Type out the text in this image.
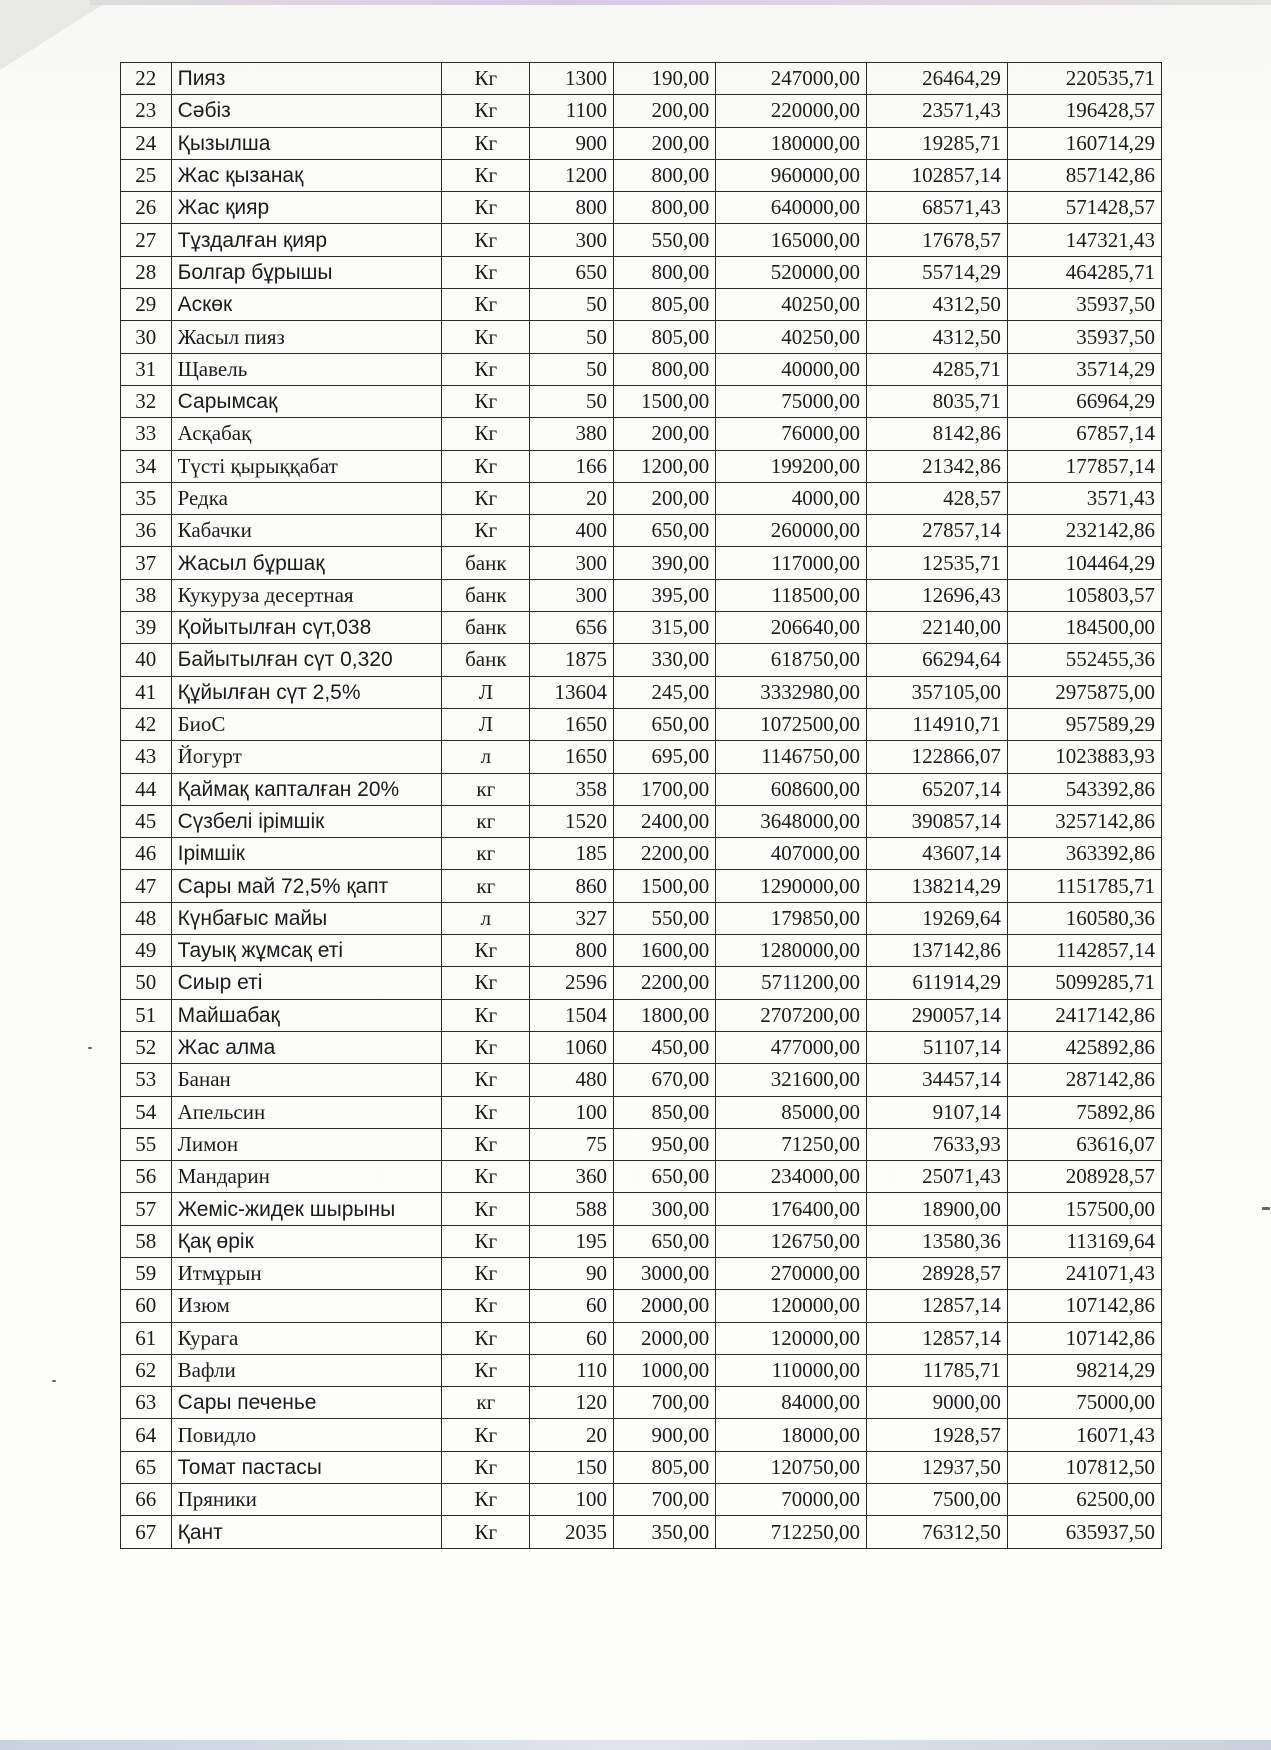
22	Пияз	Кг	1300	190,00	247000,00	26464,29	220535,71
23	Сәбіз	Кг	1100	200,00	220000,00	23571,43	196428,57
24	Қызылша	Кг	900	200,00	180000,00	19285,71	160714,29
25	Жас қызанақ	Кг	1200	800,00	960000,00	102857,14	857142,86
26	Жас қияр	Кг	800	800,00	640000,00	68571,43	571428,57
27	Тұздалған қияр	Кг	300	550,00	165000,00	17678,57	147321,43
28	Болгар бұрышы	Кг	650	800,00	520000,00	55714,29	464285,71
29	Аскөк	Кг	50	805,00	40250,00	4312,50	35937,50
30	Жасыл пияз	Кг	50	805,00	40250,00	4312,50	35937,50
31	Щавель	Кг	50	800,00	40000,00	4285,71	35714,29
32	Сарымсақ	Кг	50	1500,00	75000,00	8035,71	66964,29
33	Асқабақ	Кг	380	200,00	76000,00	8142,86	67857,14
34	Түсті қырыққабат	Кг	166	1200,00	199200,00	21342,86	177857,14
35	Редка	Кг	20	200,00	4000,00	428,57	3571,43
36	Кабачки	Кг	400	650,00	260000,00	27857,14	232142,86
37	Жасыл бұршақ	банк	300	390,00	117000,00	12535,71	104464,29
38	Кукуруза десертная	банк	300	395,00	118500,00	12696,43	105803,57
39	Қойытылған сүт,038	банк	656	315,00	206640,00	22140,00	184500,00
40	Байытылған сүт 0,320	банк	1875	330,00	618750,00	66294,64	552455,36
41	Құйылған сүт 2,5%	Л	13604	245,00	3332980,00	357105,00	2975875,00
42	БиоС	Л	1650	650,00	1072500,00	114910,71	957589,29
43	Йогурт	л	1650	695,00	1146750,00	122866,07	1023883,93
44	Қаймақ капталған 20%	кг	358	1700,00	608600,00	65207,14	543392,86
45	Сүзбелі ірімшік	кг	1520	2400,00	3648000,00	390857,14	3257142,86
46	Ірімшік	кг	185	2200,00	407000,00	43607,14	363392,86
47	Сары май 72,5% қапт	кг	860	1500,00	1290000,00	138214,29	1151785,71
48	Күнбағыс майы	л	327	550,00	179850,00	19269,64	160580,36
49	Тауық жұмсақ еті	Кг	800	1600,00	1280000,00	137142,86	1142857,14
50	Сиыр еті	Кг	2596	2200,00	5711200,00	611914,29	5099285,71
51	Майшабақ	Кг	1504	1800,00	2707200,00	290057,14	2417142,86
52	Жас алма	Кг	1060	450,00	477000,00	51107,14	425892,86
53	Банан	Кг	480	670,00	321600,00	34457,14	287142,86
54	Апельсин	Кг	100	850,00	85000,00	9107,14	75892,86
55	Лимон	Кг	75	950,00	71250,00	7633,93	63616,07
56	Мандарин	Кг	360	650,00	234000,00	25071,43	208928,57
57	Жеміс-жидек шырыны	Кг	588	300,00	176400,00	18900,00	157500,00
58	Қақ өрік	Кг	195	650,00	126750,00	13580,36	113169,64
59	Итмұрын	Кг	90	3000,00	270000,00	28928,57	241071,43
60	Изюм	Кг	60	2000,00	120000,00	12857,14	107142,86
61	Курага	Кг	60	2000,00	120000,00	12857,14	107142,86
62	Вафли	Кг	110	1000,00	110000,00	11785,71	98214,29
63	Сары печенье	кг	120	700,00	84000,00	9000,00	75000,00
64	Повидло	Кг	20	900,00	18000,00	1928,57	16071,43
65	Томат пастасы	Кг	150	805,00	120750,00	12937,50	107812,50
66	Пряники	Кг	100	700,00	70000,00	7500,00	62500,00
67	Қант	Кг	2035	350,00	712250,00	76312,50	635937,50
